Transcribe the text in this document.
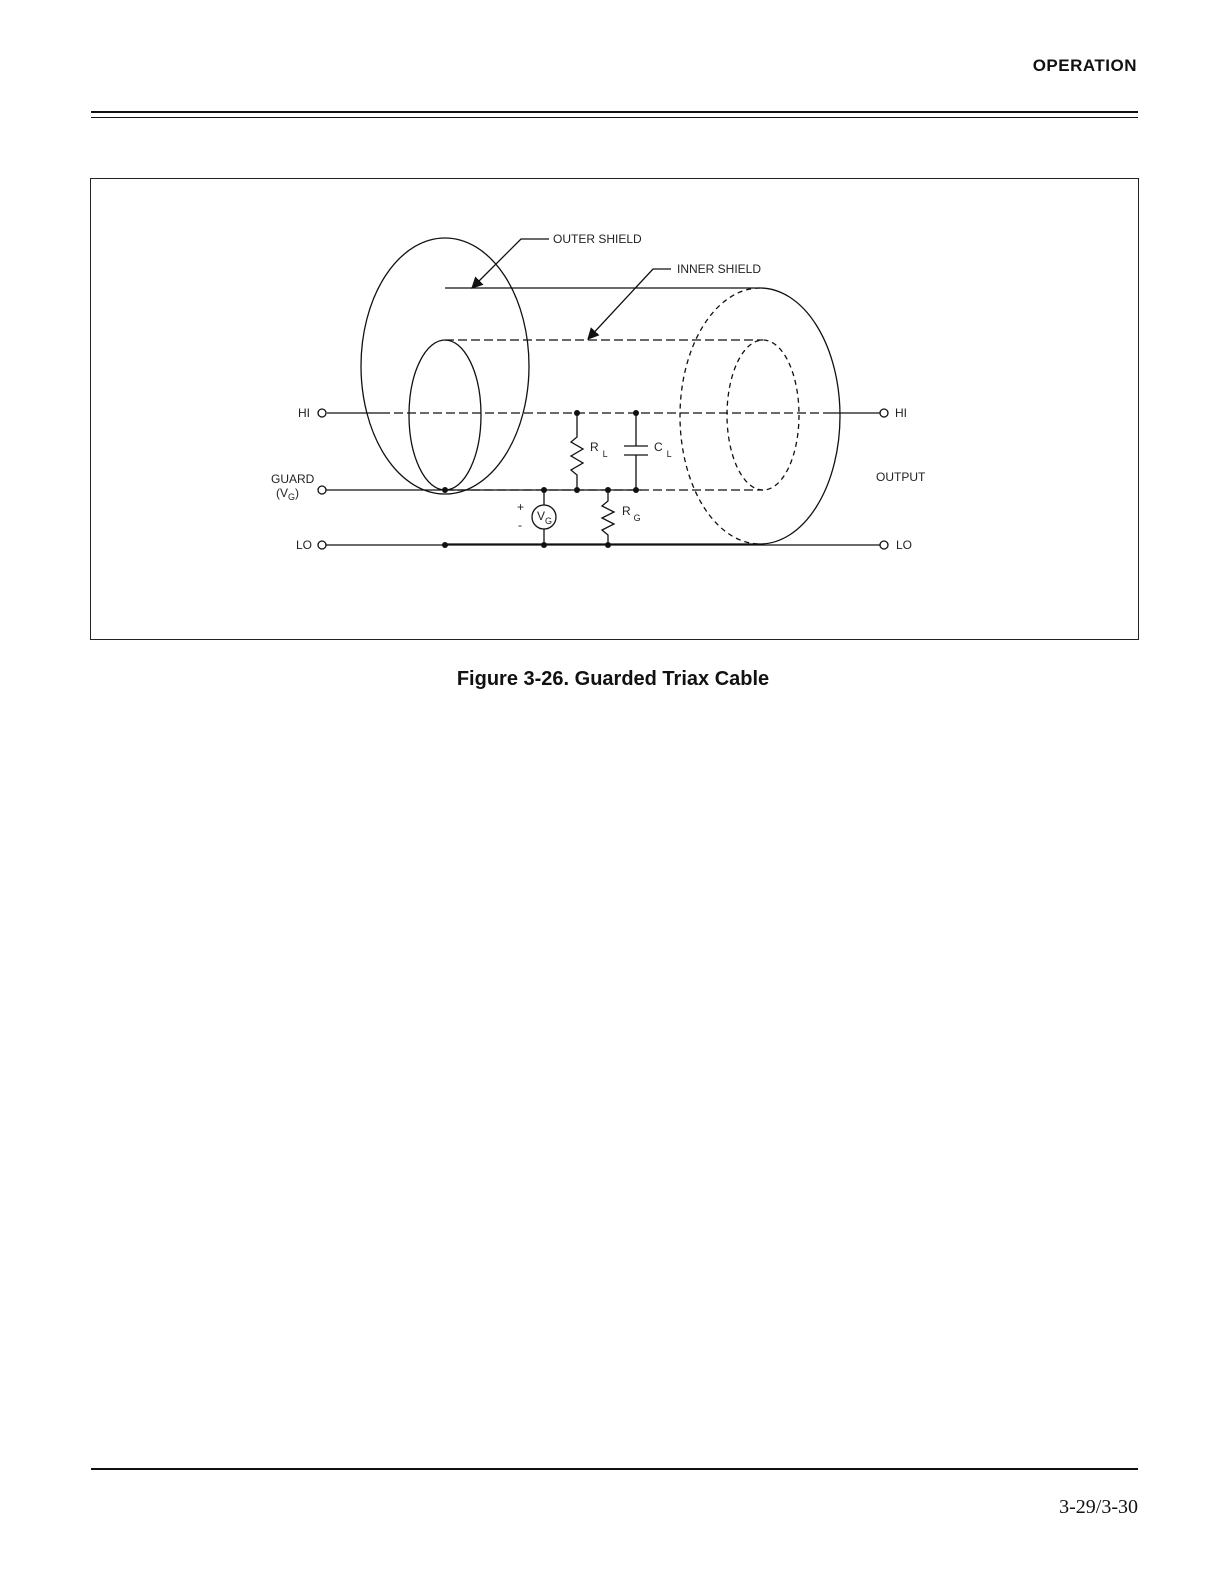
OPERATION
OUTER SHIELD
INNER SHIELD
HI
GUARD
$(V_G)$
LO
HI
OUTPUT
LO
R $_L$	C $_L$
R $_G$
$V_G$
+
-
Figure 3-26. Guarded Triax Cable
3-29/3-30
